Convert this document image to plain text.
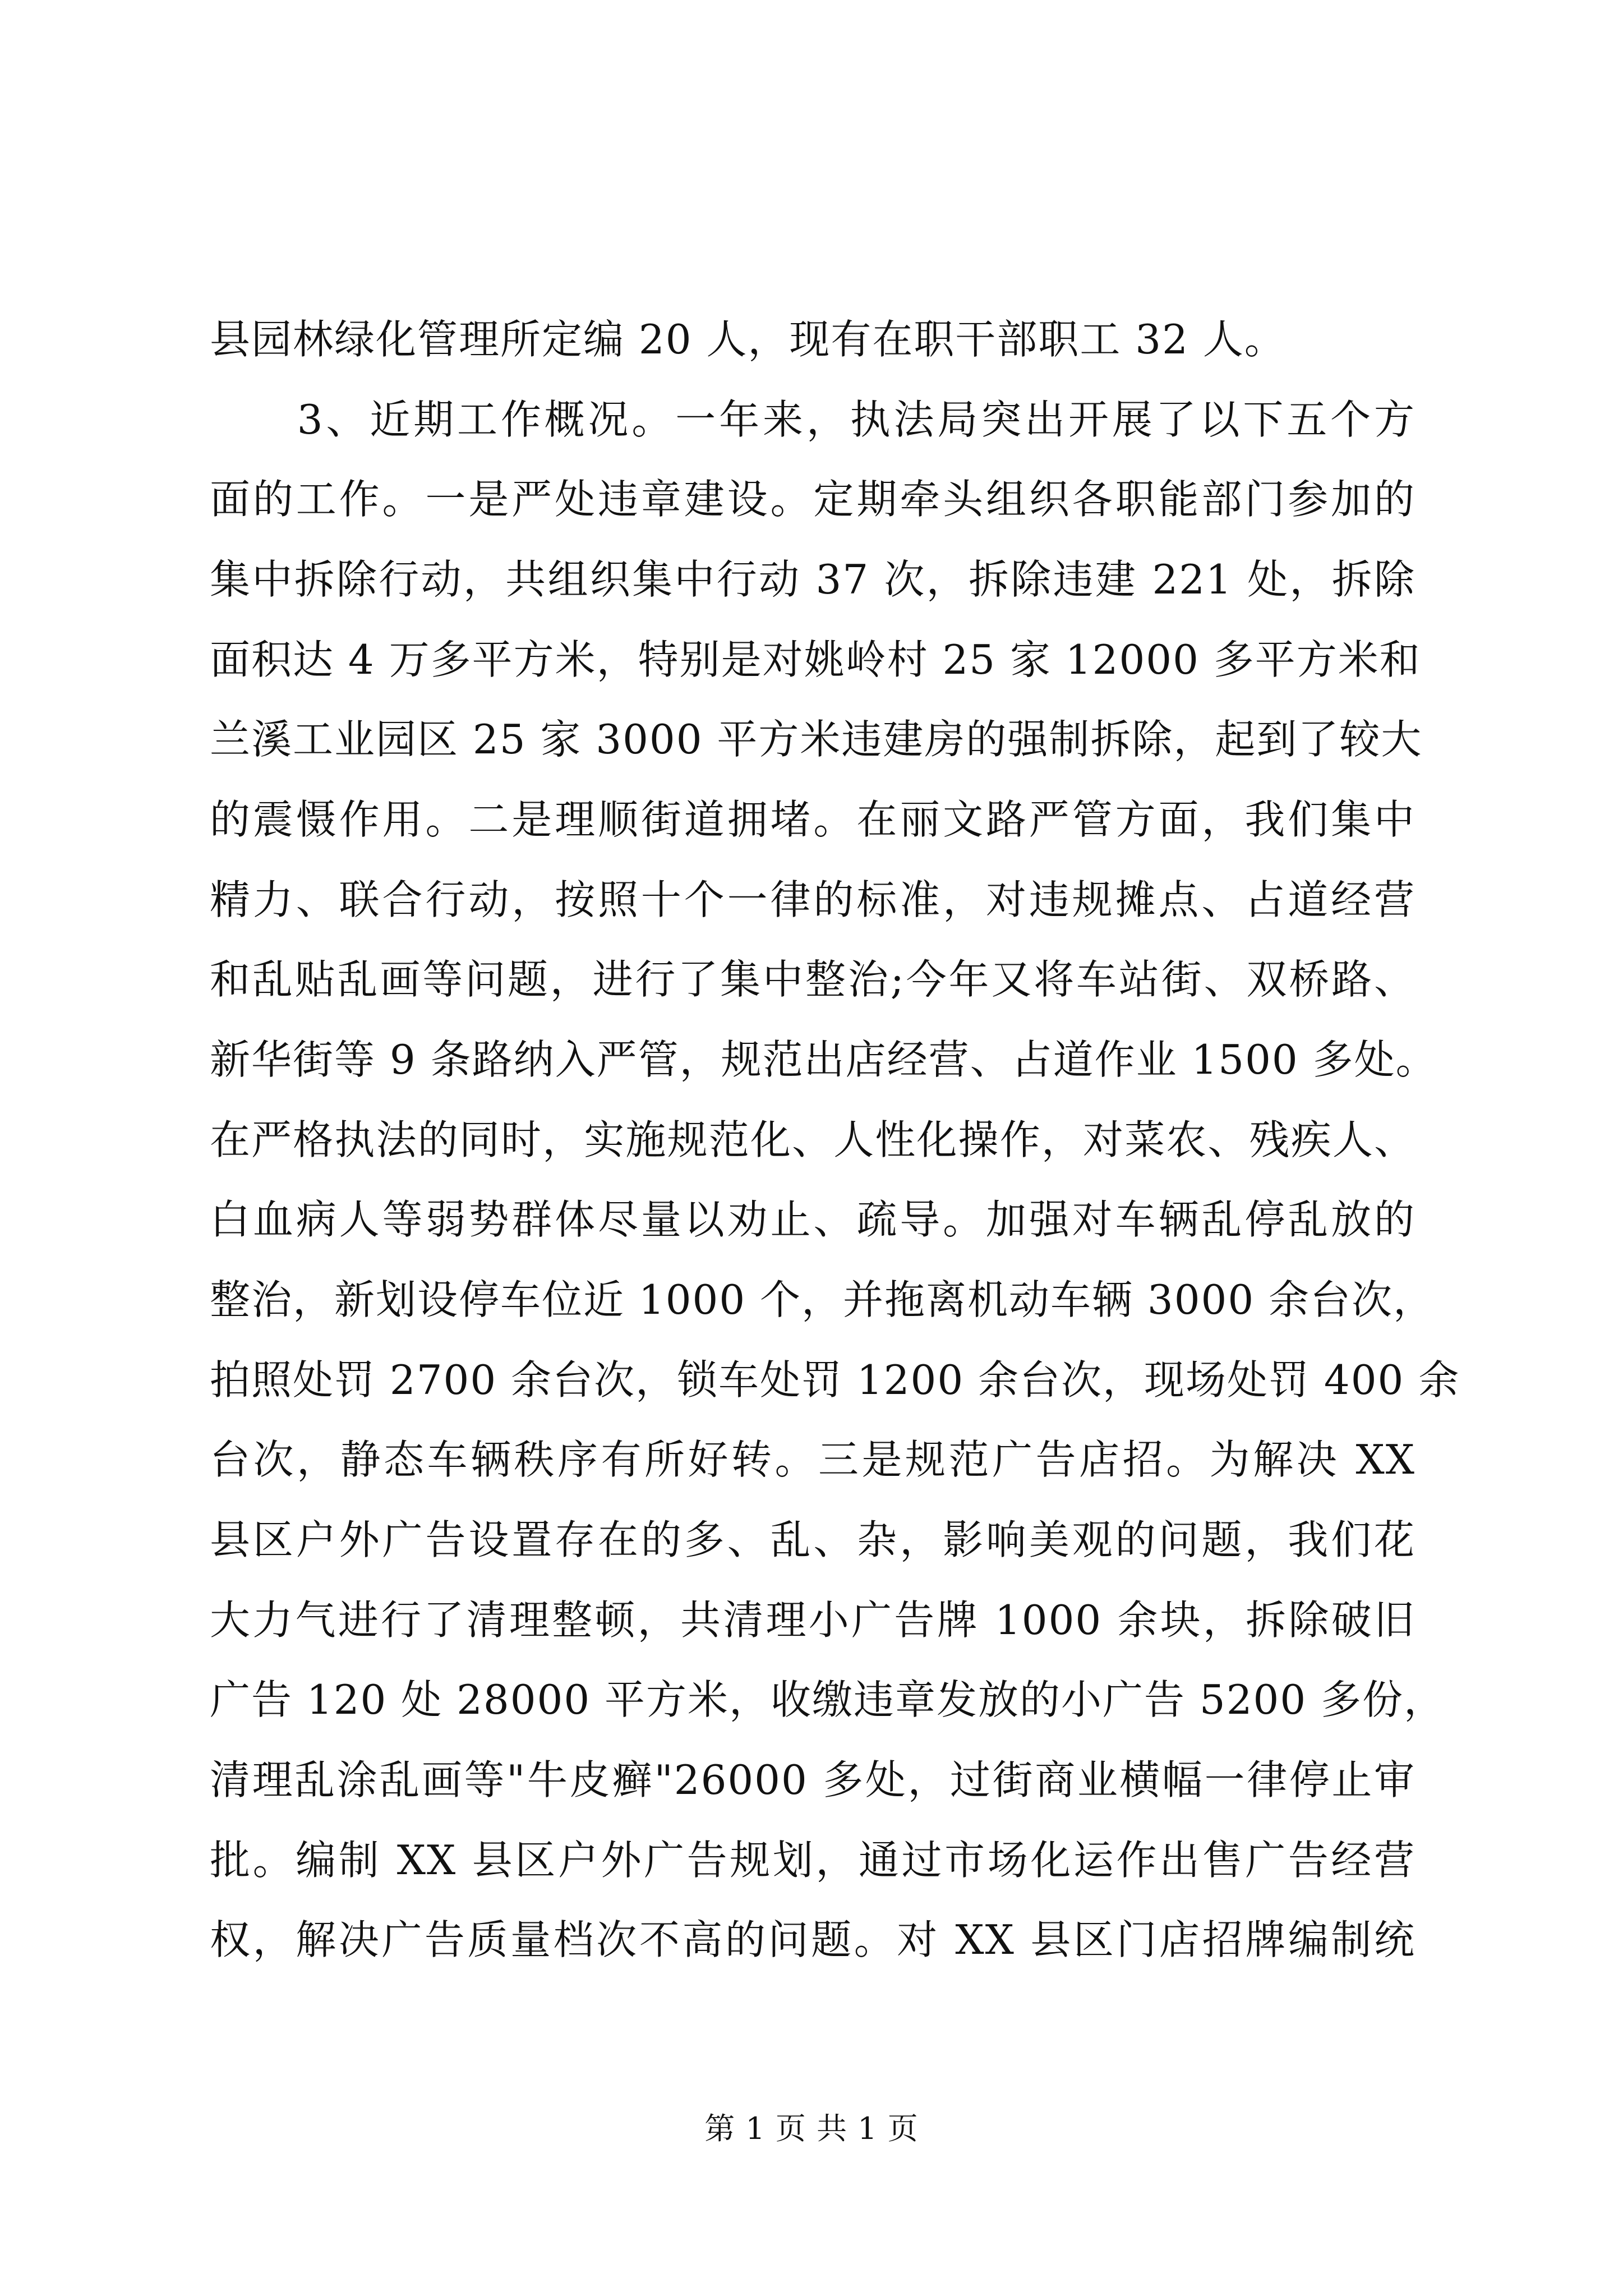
县园林绿化管理所定编 20 人，现有在职干部职工 32 人。
　　3、近期工作概况。一年来，执法局突出开展了以下五个方
面的工作。一是严处违章建设。定期牵头组织各职能部门参加的
集中拆除行动，共组织集中行动 37 次，拆除违建 221 处，拆除
面积达 4 万多平方米，特别是对姚岭村 25 家 12000 多平方米和
兰溪工业园区 25 家 3000 平方米违建房的强制拆除，起到了较大
的震慑作用。二是理顺街道拥堵。在丽文路严管方面，我们集中
精力、联合行动，按照十个一律的标准，对违规摊点、占道经营
和乱贴乱画等问题，进行了集中整治;今年又将车站街、双桥路、
新华街等 9 条路纳入严管，规范出店经营、占道作业 1500 多处。
在严格执法的同时，实施规范化、人性化操作，对菜农、残疾人、
白血病人等弱势群体尽量以劝止、疏导。加强对车辆乱停乱放的
整治，新划设停车位近 1000 个，并拖离机动车辆 3000 余台次，
拍照处罚 2700 余台次，锁车处罚 1200 余台次，现场处罚 400 余
台次，静态车辆秩序有所好转。三是规范广告店招。为解决 XX
县区户外广告设置存在的多、乱、杂，影响美观的问题，我们花
大力气进行了清理整顿，共清理小广告牌 1000 余块，拆除破旧
广告 120 处 28000 平方米，收缴违章发放的小广告 5200 多份，
清理乱涂乱画等"牛皮癣"26000 多处，过街商业横幅一律停止审
批。编制 XX 县区户外广告规划，通过市场化运作出售广告经营
权，解决广告质量档次不高的问题。对 XX 县区门店招牌编制统
第 1 页 共 1 页
